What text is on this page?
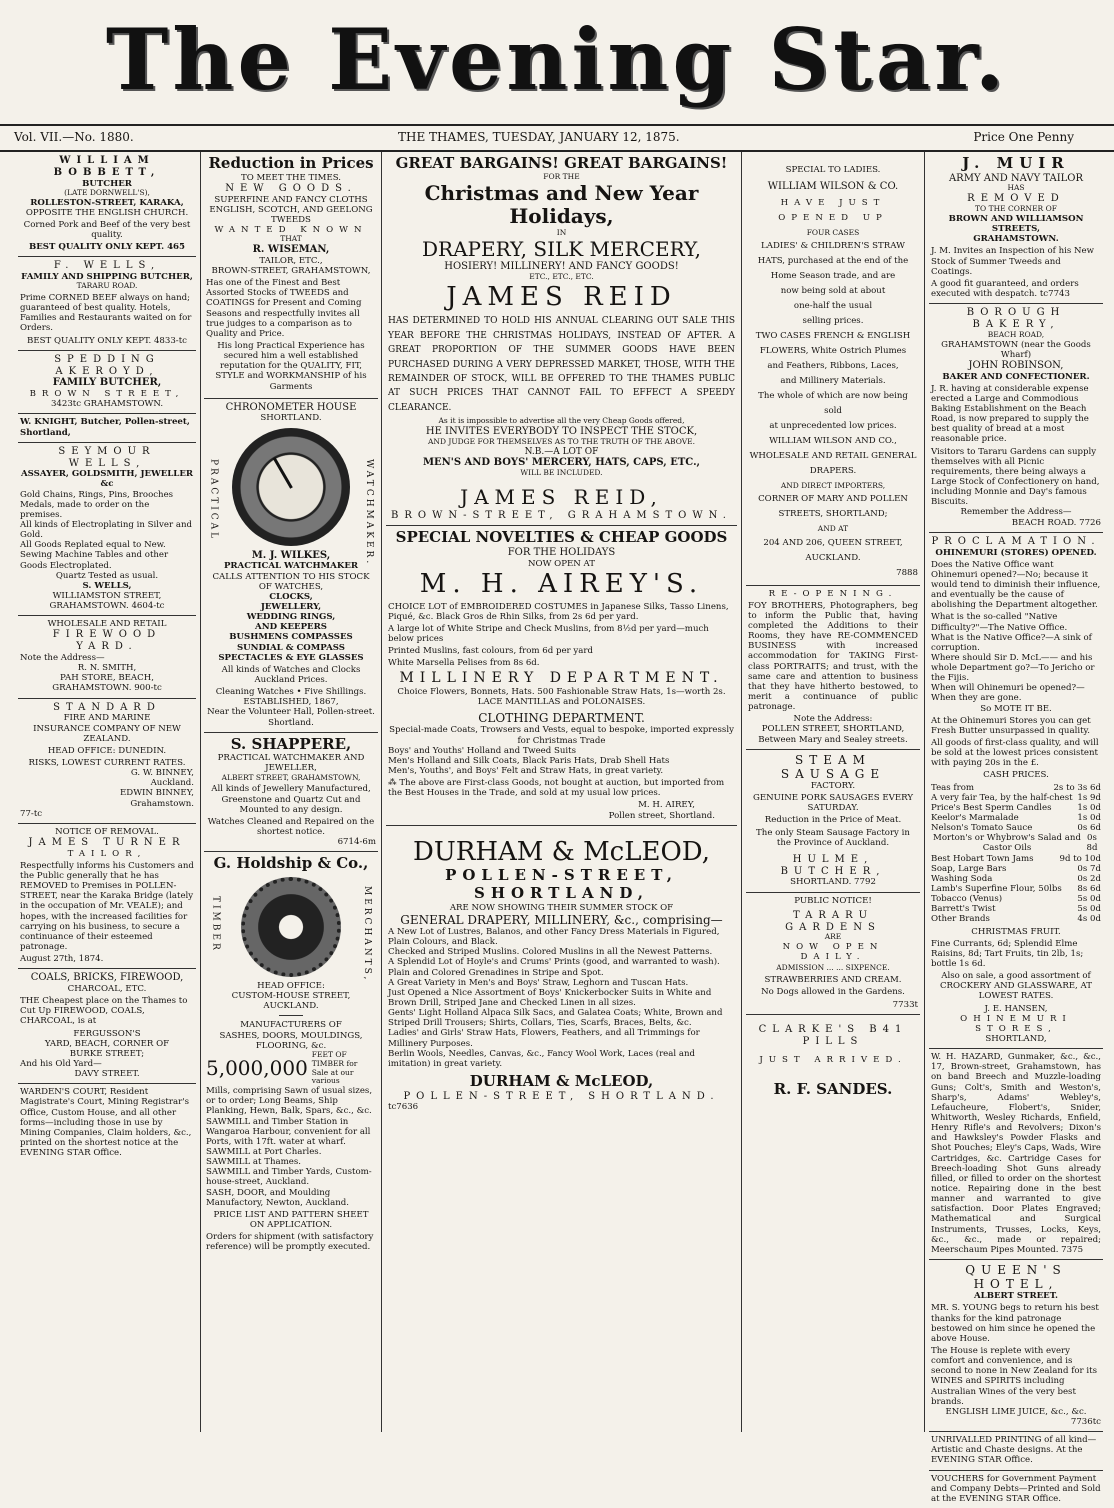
The Evening Star.
Vol. VII.—No. 1880.	THE THAMES, TUESDAY, JANUARY 12, 1875.	Price One Penny
WILLIAM BOBBETT,
BUTCHER
(LATE DORNWELL'S),
ROLLESTON-STREET, KARAKA,
OPPOSITE THE ENGLISH CHURCH.
Corned Pork and Beef of the very best quality.
BEST QUALITY ONLY KEPT. 465
F. WELLS,
FAMILY AND SHIPPING BUTCHER,
TARARU ROAD.
Prime CORNED BEEF always on hand; guaranteed of best quality. Hotels, Families and Restaurants waited on for Orders.
BEST QUALITY ONLY KEPT. 4833-tc
SPEDDING AKEROYD,
FAMILY BUTCHER,
BROWN STREET,
3423tc GRAHAMSTOWN.
W. KNIGHT, Butcher, Pollen-street, Shortland,
SEYMOUR WELLS,
ASSAYER, GOLDSMITH, JEWELLER &c
Gold Chains, Rings, Pins, Brooches Medals, made to order on the premises.
All kinds of Electroplating in Silver and Gold.
All Goods Replated equal to New. Sewing Machine Tables and other Goods Electroplated.
Quartz Tested as usual.
S. WELLS,
WILLIAMSTON STREET,
GRAHAMSTOWN. 4604-tc
WHOLESALE AND RETAIL
FIREWOOD YARD.
Note the Address—
R. N. SMITH,
PAH STORE, BEACH,
GRAHAMSTOWN. 900-tc
STANDARD
FIRE AND MARINE
INSURANCE COMPANY OF NEW ZEALAND.
HEAD OFFICE: DUNEDIN.
RISKS, LOWEST CURRENT RATES.
G. W. BINNEY,
Auckland.
EDWIN BINNEY,
Grahamstown.
77-tc
NOTICE OF REMOVAL.
JAMES TURNER
TAILOR,
Respectfully informs his Customers and the Public generally that he has REMOVED to Premises in POLLEN-STREET, near the Karaka Bridge (lately in the occupation of Mr. VEALE); and hopes, with the increased facilities for carrying on his business, to secure a continuance of their esteemed patronage.
August 27th, 1874.
COALS, BRICKS, FIREWOOD,
CHARCOAL, ETC.
THE Cheapest place on the Thames to Cut Up FIREWOOD, COALS, CHARCOAL, is at
FERGUSSON'S
YARD, BEACH, CORNER OF
BURKE STREET;
And his Old Yard—
DAVY STREET.
WARDEN'S COURT, Resident Magistrate's Court, Mining Registrar's Office, Custom House, and all other forms—including those in use by Mining Companies, Claim holders, &c., printed on the shortest notice at the EVENING STAR Office.
Reduction in Prices
TO MEET THE TIMES.
NEW GOODS.
SUPERFINE AND FANCY CLOTHS
ENGLISH, SCOTCH, AND GEELONG TWEEDS
WANTED KNOWN
THAT
R. WISEMAN,
TAILOR, ETC.,
BROWN-STREET, GRAHAMSTOWN,
Has one of the Finest and Best Assorted Stocks of TWEEDS and COATINGS for Present and Coming Seasons and respectfully invites all true judges to a comparison as to Quality and Price.
His long Practical Experience has secured him a well established reputation for the QUALITY, FIT, STYLE and WORKMANSHIP of his Garments
CHRONOMETER HOUSE
SHORTLAND.
PRACTICAL	WATCHMAKER.
M. J. WILKES,
PRACTICAL WATCHMAKER
CALLS ATTENTION TO HIS STOCK OF WATCHES,
CLOCKS,
JEWELLERY,
WEDDING RINGS,
AND KEEPERS
BUSHMENS COMPASSES
SUNDIAL & COMPASS
SPECTACLES & EYE GLASSES
All kinds of Watches and Clocks Auckland Prices.
Cleaning Watches • Five Shillings.
ESTABLISHED, 1867,
Near the Volunteer Hall, Pollen-street. Shortland.
S. SHAPPERE,
PRACTICAL WATCHMAKER AND JEWELLER,
ALBERT STREET, GRAHAMSTOWN,
All kinds of Jewellery Manufactured, Greenstone and Quartz Cut and Mounted to any design.
Watches Cleaned and Repaired on the shortest notice.
6714-6m
G. Holdship & Co.,
TIMBER	MERCHANTS,
HEAD OFFICE:
CUSTOM-HOUSE STREET, AUCKLAND.
MANUFACTURERS OF
SASHES, DOORS, MOULDINGS, FLOORING, &c.
5,000,000
FEET OF TIMBER for Sale at our various
Mills, comprising Sawn of usual sizes, or to order; Long Beams, Ship Planking, Hewn, Balk, Spars, &c., &c.
SAWMILL and Timber Station in Wangaroa Harbour, convenient for all Ports, with 17ft. water at wharf.
SAWMILL at Port Charles.
SAWMILL at Thames.
SAWMILL and Timber Yards, Custom-house-street, Auckland.
SASH, DOOR, and Moulding Manufactory, Newton, Auckland.
PRICE LIST AND PATTERN SHEET ON APPLICATION.
Orders for shipment (with satisfactory reference) will be promptly executed.
GREAT BARGAINS! GREAT BARGAINS!
FOR THE
Christmas and New Year Holidays,
IN
DRAPERY, SILK MERCERY,
HOSIERY! MILLINERY! AND FANCY GOODS!
ETC., ETC., ETC.
JAMES REID
HAS DETERMINED TO HOLD HIS ANNUAL CLEARING OUT SALE THIS YEAR BEFORE THE CHRISTMAS HOLIDAYS, INSTEAD OF AFTER. A GREAT PROPORTION OF THE SUMMER GOODS HAVE BEEN PURCHASED DURING A VERY DEPRESSED MARKET, THOSE, WITH THE REMAINDER OF STOCK, WILL BE OFFERED TO THE THAMES PUBLIC AT SUCH PRICES THAT CANNOT FAIL TO EFFECT A SPEEDY CLEARANCE.
As it is impossible to advertise all the very Cheap Goods offered,
HE INVITES EVERYBODY TO INSPECT THE STOCK,
AND JUDGE FOR THEMSELVES AS TO THE TRUTH OF THE ABOVE.
N.B.—A LOT OF
MEN'S AND BOYS' MERCERY, HATS, CAPS, ETC.,
WILL BE INCLUDED.
JAMES REID,
BROWN-STREET, GRAHAMSTOWN.
SPECIAL NOVELTIES & CHEAP GOODS
FOR THE HOLIDAYS
NOW OPEN AT
M. H. AIREY'S.
CHOICE LOT of EMBROIDERED COSTUMES in Japanese Silks, Tasso Linens, Piqué, &c. Black Gros de Rhin Silks, from 2s 6d per yard.
A large lot of White Stripe and Check Muslins, from 8½d per yard—much below prices
Printed Muslins, fast colours, from 6d per yard
White Marsella Pelises from 8s 6d.
MILLINERY DEPARTMENT.
Choice Flowers, Bonnets, Hats. 500 Fashionable Straw Hats, 1s—worth 2s. LACE MANTILLAS and POLONAISES.
CLOTHING DEPARTMENT.
Special-made Coats, Trowsers and Vests, equal to bespoke, imported expressly for Christmas Trade
Boys' and Youths' Holland and Tweed Suits
Men's Holland and Silk Coats, Black Paris Hats, Drab Shell Hats
Men's, Youths', and Boys' Felt and Straw Hats, in great variety.
⁂ The above are First-class Goods, not bought at auction, but imported from the Best Houses in the Trade, and sold at my usual low prices.
M. H. AIREY,
Pollen street, Shortland.
DURHAM & McLEOD,
POLLEN-STREET, SHORTLAND,
ARE NOW SHOWING THEIR SUMMER STOCK OF
GENERAL DRAPERY, MILLINERY, &c., comprising—
A New Lot of Lustres, Balanos, and other Fancy Dress Materials in Figured, Plain Colours, and Black.
Checked and Striped Muslins. Colored Muslins in all the Newest Patterns.
A Splendid Lot of Hoyle's and Crums' Prints (good, and warranted to wash).
Plain and Colored Grenadines in Stripe and Spot.
A Great Variety in Men's and Boys' Straw, Leghorn and Tuscan Hats.
Just Opened a Nice Assortment of Boys' Knickerbocker Suits in White and Brown Drill, Striped Jane and Checked Linen in all sizes.
Gents' Light Holland Alpaca Silk Sacs, and Galatea Coats; White, Brown and Striped Drill Trousers; Shirts, Collars, Ties, Scarfs, Braces, Belts, &c.
Ladies' and Girls' Straw Hats, Flowers, Feathers, and all Trimmings for Millinery Purposes.
Berlin Wools, Needles, Canvas, &c., Fancy Wool Work, Laces (real and imitation) in great variety.
DURHAM & McLEOD,
POLLEN-STREET, SHORTLAND.
tc7636
SPECIAL TO LADIES.
WILLIAM WILSON & CO.
HAVE JUST OPENED UP
FOUR CASES
LADIES' & CHILDREN'S STRAW
HATS, purchased at the end of the
Home Season trade, and are
now being sold at about
one-half the usual
selling prices.
TWO CASES FRENCH & ENGLISH
FLOWERS, White Ostrich Plumes
and Feathers, Ribbons, Laces,
and Millinery Materials.
The whole of which are now being sold
at unprecedented low prices.
WILLIAM WILSON AND CO.,
WHOLESALE AND RETAIL GENERAL
DRAPERS.
AND DIRECT IMPORTERS,
CORNER OF MARY AND POLLEN
STREETS, SHORTLAND;
AND AT
204 AND 206, QUEEN STREET,
AUCKLAND.
7888
RE-OPENING.
FOY BROTHERS, Photographers, beg to inform the Public that, having completed the Additions to their Rooms, they have RE-COMMENCED BUSINESS with increased accommodation for TAKING First-class PORTRAITS; and trust, with the same care and attention to business that they have hitherto bestowed, to merit a continuance of public patronage.
Note the Address:
POLLEN STREET, SHORTLAND,
Between Mary and Sealey streets.
STEAM SAUSAGE
FACTORY.
GENUINE PORK SAUSAGES EVERY SATURDAY.
Reduction in the Price of Meat.
The only Steam Sausage Factory in the Province of Auckland.
HULME, BUTCHER,
SHORTLAND. 7792
PUBLIC NOTICE!
TARARU GARDENS
ARE
NOW OPEN DAILY.
ADMISSION ... ... SIXPENCE.
STRAWBERRIES AND CREAM.
No Dogs allowed in the Gardens.
7733t
CLARKE'S B41 PILLS
JUST ARRIVED.
R. F. SANDES.
J. MUIR
ARMY AND NAVY TAILOR
HAS
REMOVED
TO THE CORNER OF
BROWN AND WILLIAMSON STREETS,
GRAHAMSTOWN.
J. M. Invites an Inspection of his New Stock of Summer Tweeds and Coatings.
A good fit guaranteed, and orders executed with despatch. tc7743
BOROUGH BAKERY,
BEACH ROAD,
GRAHAMSTOWN (near the Goods Wharf)
JOHN ROBINSON,
BAKER AND CONFECTIONER.
J. R. having at considerable expense erected a Large and Commodious Baking Establishment on the Beach Road, is now prepared to supply the best quality of bread at a most reasonable price.
Visitors to Tararu Gardens can supply themselves with all Picnic requirements, there being always a Large Stock of Confectionery on hand, including Monnie and Day's famous Biscuits.
Remember the Address—
BEACH ROAD. 7726
PROCLAMATION.
OHINEMURI (STORES) OPENED.
Does the Native Office want Ohinemuri opened?—No; because it would tend to diminish their influence, and eventually be the cause of abolishing the Department altogether.
What is the so-called "Native Difficulty?"—The Native Office.
What is the Native Office?—A sink of corruption.
Where should Sir D. McL—— and his whole Department go?—To Jericho or the Fijis.
When will Ohinemuri be opened?—When they are gone.
So MOTE IT BE.
At the Ohinemuri Stores you can get Fresh Butter unsurpassed in quality.
All goods of first-class quality, and will be sold at the lowest prices consistent with paying 20s in the £.
CASH PRICES.
Teas from	2s to 3s 6d
A very fair Tea, by the half-chest 1s 9d
Price's Best Sperm Candles	1s 0d
Keelor's Marmalade	1s 0d
Nelson's Tomato Sauce	0s 6d
Morton's or Whybrow's Salad and Castor Oils
0s 8d
Best Hobart Town Jams	9d to 10d
Soap, Large Bars	0s 7d
Washing Soda	0s 2d
Lamb's Superfine Flour, 50lbs 8s 6d
Tobacco (Venus)	5s 0d
Barrett's Twist	5s 0d
Other Brands	4s 0d
CHRISTMAS FRUIT.
Fine Currants, 6d; Splendid Elme Raisins, 8d; Tart Fruits, tin 2lb, 1s; bottle 1s 6d.
Also on sale, a good assortment of CROCKERY AND GLASSWARE, AT LOWEST RATES.
J. E. HANSEN,
OHINEMURI STORES,
SHORTLAND,
W. H. HAZARD, Gunmaker, &c., &c., 17, Brown-street, Grahamstown, has on band Breech and Muzzle-loading Guns; Colt's, Smith and Weston's, Sharp's, Adams' Webley's, Lefaucheure, Flobert's, Snider, Whitworth, Wesley Richards, Enfield, Henry Rifle's and Revolvers; Dixon's and Hawksley's Powder Flasks and Shot Pouches; Eley's Caps, Wads, Wire Cartridges, &c. Cartridge Cases for Breech-loading Shot Guns already filled, or filled to order on the shortest notice. Repairing done in the best manner and warranted to give satisfaction. Door Plates Engraved; Mathematical and Surgical Instruments, Trusses, Locks, Keys, &c., &c., made or repaired; Meerschaum Pipes Mounted. 7375
QUEEN'S HOTEL,
ALBERT STREET.
MR. S. YOUNG begs to return his best thanks for the kind patronage bestowed on him since he opened the above House.
The House is replete with every comfort and convenience, and is second to none in New Zealand for its WINES and SPIRITS including Australian Wines of the very best brands.
ENGLISH LIME JUICE, &c., &c.
7736tc
UNRIVALLED PRINTING of all kind—Artistic and Chaste designs. At the EVENING STAR Office.
VOUCHERS for Government Payment and Company Debts—Printed and Sold at the EVENING STAR Office.
